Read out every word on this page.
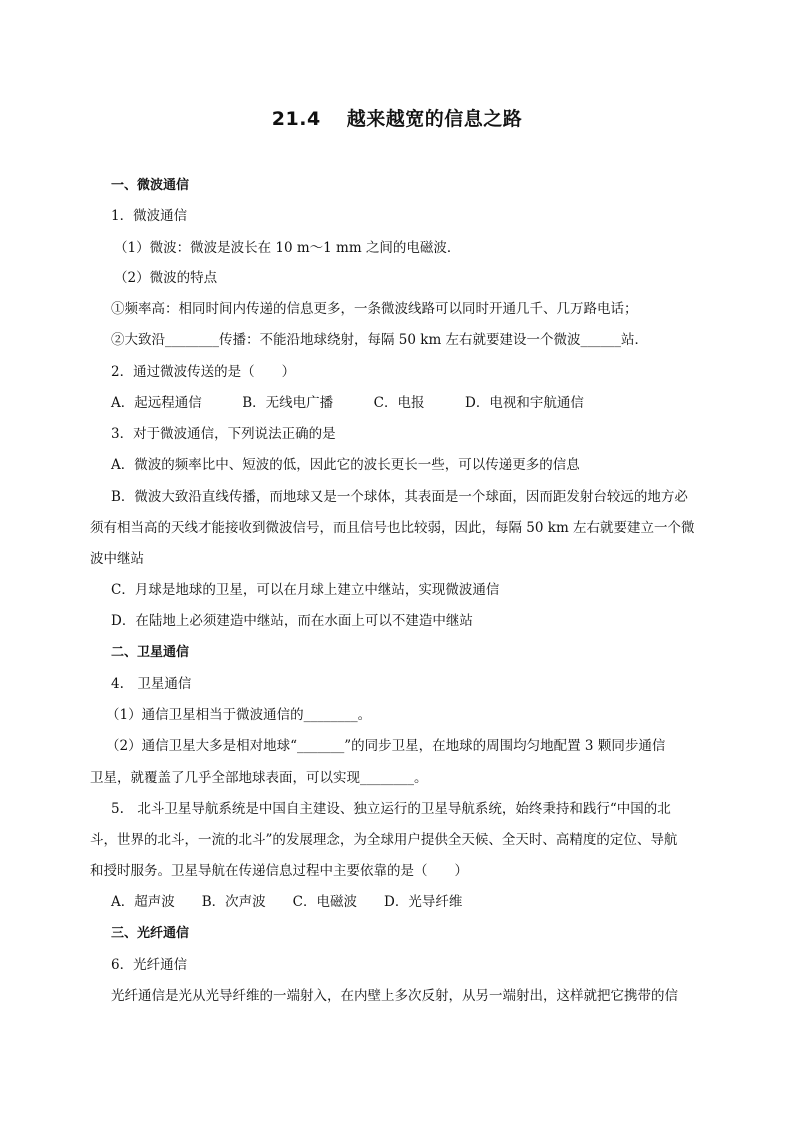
21.4 越来越宽的信息之路
一、微波通信
1．微波通信
（1）微波：微波是波长在 10 m～1 mm 之间的电磁波．
（2）微波的特点
①频率高：相同时间内传递的信息更多，一条微波线路可以同时开通几千、几万路电话；
②大致沿________传播：不能沿地球绕射，每隔 50 km 左右就要建设一个微波______站．
2．通过微波传送的是（　　）
A．起远程通信　　　B．无线电广播　　　C．电报　　　D．电视和宇航通信
3．对于微波通信，下列说法正确的是
A．微波的频率比中、短波的低，因此它的波长更长一些，可以传递更多的信息
B．微波大致沿直线传播，而地球又是一个球体，其表面是一个球面，因而距发射台较远的地方必
须有相当高的天线才能接收到微波信号，而且信号也比较弱，因此，每隔 50 km 左右就要建立一个微
波中继站
C．月球是地球的卫星，可以在月球上建立中继站，实现微波通信
D．在陆地上必须建造中继站，而在水面上可以不建造中继站
二、卫星通信
4.　卫星通信
（1）通信卫星相当于微波通信的________。
（2）通信卫星大多是相对地球“_______”的同步卫星，在地球的周围均匀地配置 3 颗同步通信
卫星，就覆盖了几乎全部地球表面，可以实现________。
5.　北斗卫星导航系统是中国自主建设、独立运行的卫星导航系统，始终秉持和践行“中国的北
斗，世界的北斗，一流的北斗”的发展理念，为全球用户提供全天候、全天时、高精度的定位、导航
和授时服务。卫星导航在传递信息过程中主要依靠的是（　　）
A．超声波　　B．次声波　　C．电磁波　　D．光导纤维
三、光纤通信
6．光纤通信
光纤通信是光从光导纤维的一端射入，在内壁上多次反射，从另一端射出，这样就把它携带的信
